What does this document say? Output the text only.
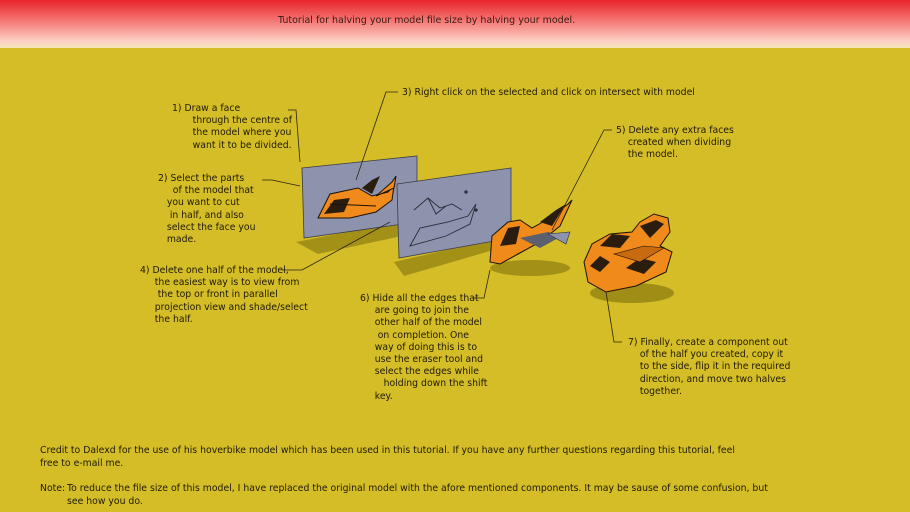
Tutorial for halving your model file size by halving your model.
1) Draw a face
through the centre of
the model where you
want it to be divided.
2) Select the parts
of the model that
you want to cut
in half, and also
select the face you
made.
3) Right click on the selected and click on intersect with model
4) Delete one half of the model,
the easiest way is to view from
the top or front in parallel
projection view and shade/select
the half.
5) Delete any extra faces
created when dividing
the model.
6) Hide all the edges that
are going to join the
other half of the model
on completion. One
way of doing this is to
use the eraser tool and
select the edges while
holding down the shift
key.
7) Finally, create a component out
of the half you created, copy it
to the side, flip it in the required
direction, and move two halves
together.
Credit to Dalexd for the use of his hoverbike model which has been used in this tutorial. If you have any further questions regarding this tutorial, feel free to e-mail me.
Note: To reduce the file size of this model, I have replaced the original model with the afore mentioned components. It may be sause of some confusion, but
see how you do.
